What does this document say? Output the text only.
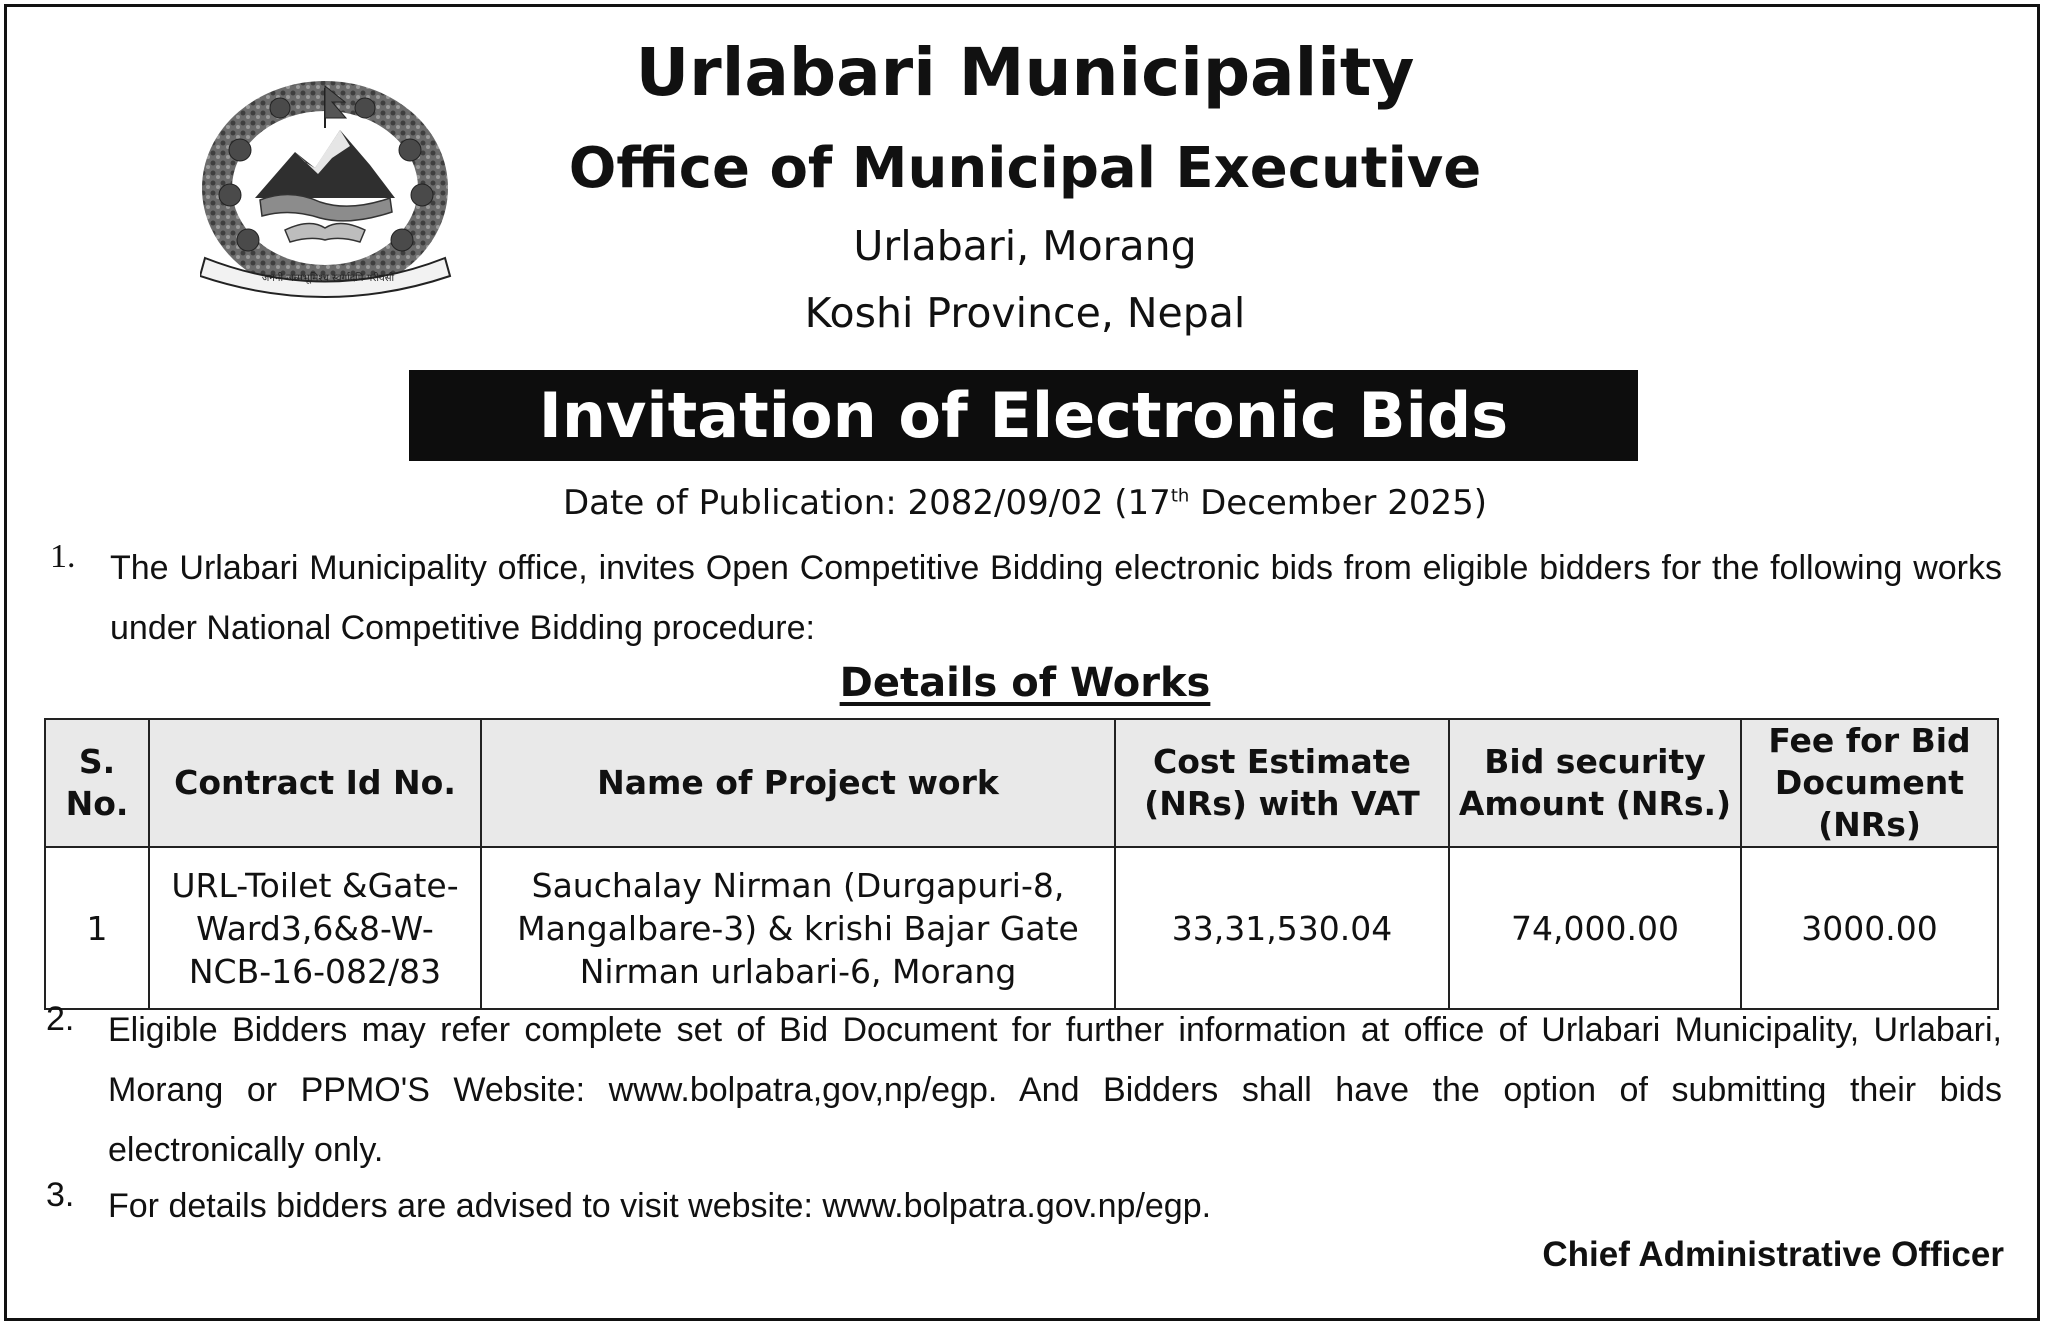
जननी जन्मभूमिश्च स्वर्गादपि गरीयसी
Urlabari Municipality
Office of Municipal Executive
Urlabari, Morang
Koshi Province, Nepal
Invitation of Electronic Bids
Date of Publication: 2082/09/02 (17th December 2025)
1. The Urlabari Municipality office, invites Open Competitive Bidding electronic bids from eligible bidders for the following works under National Competitive Bidding procedure:
Details of Works
S. No.	Contract Id No.	Name of Project work	Cost Estimate (NRs) with VAT	Bid security Amount (NRs.)	Fee for Bid Document (NRs)
1	URL-Toilet &Gate-Ward3,6&8-W-NCB-16-082/83	Sauchalay Nirman (Durgapuri-8, Mangalbare-3) & krishi Bajar Gate Nirman urlabari-6, Morang	33,31,530.04	74,000.00	3000.00
2. Eligible Bidders may refer complete set of Bid Document for further information at office of Urlabari Municipality, Urlabari, Morang or PPMO'S Website: www.bolpatra,gov,np/egp. And Bidders shall have the option of submitting their bids electronically only.
3. For details bidders are advised to visit website: www.bolpatra.gov.np/egp.
Chief Administrative Officer
